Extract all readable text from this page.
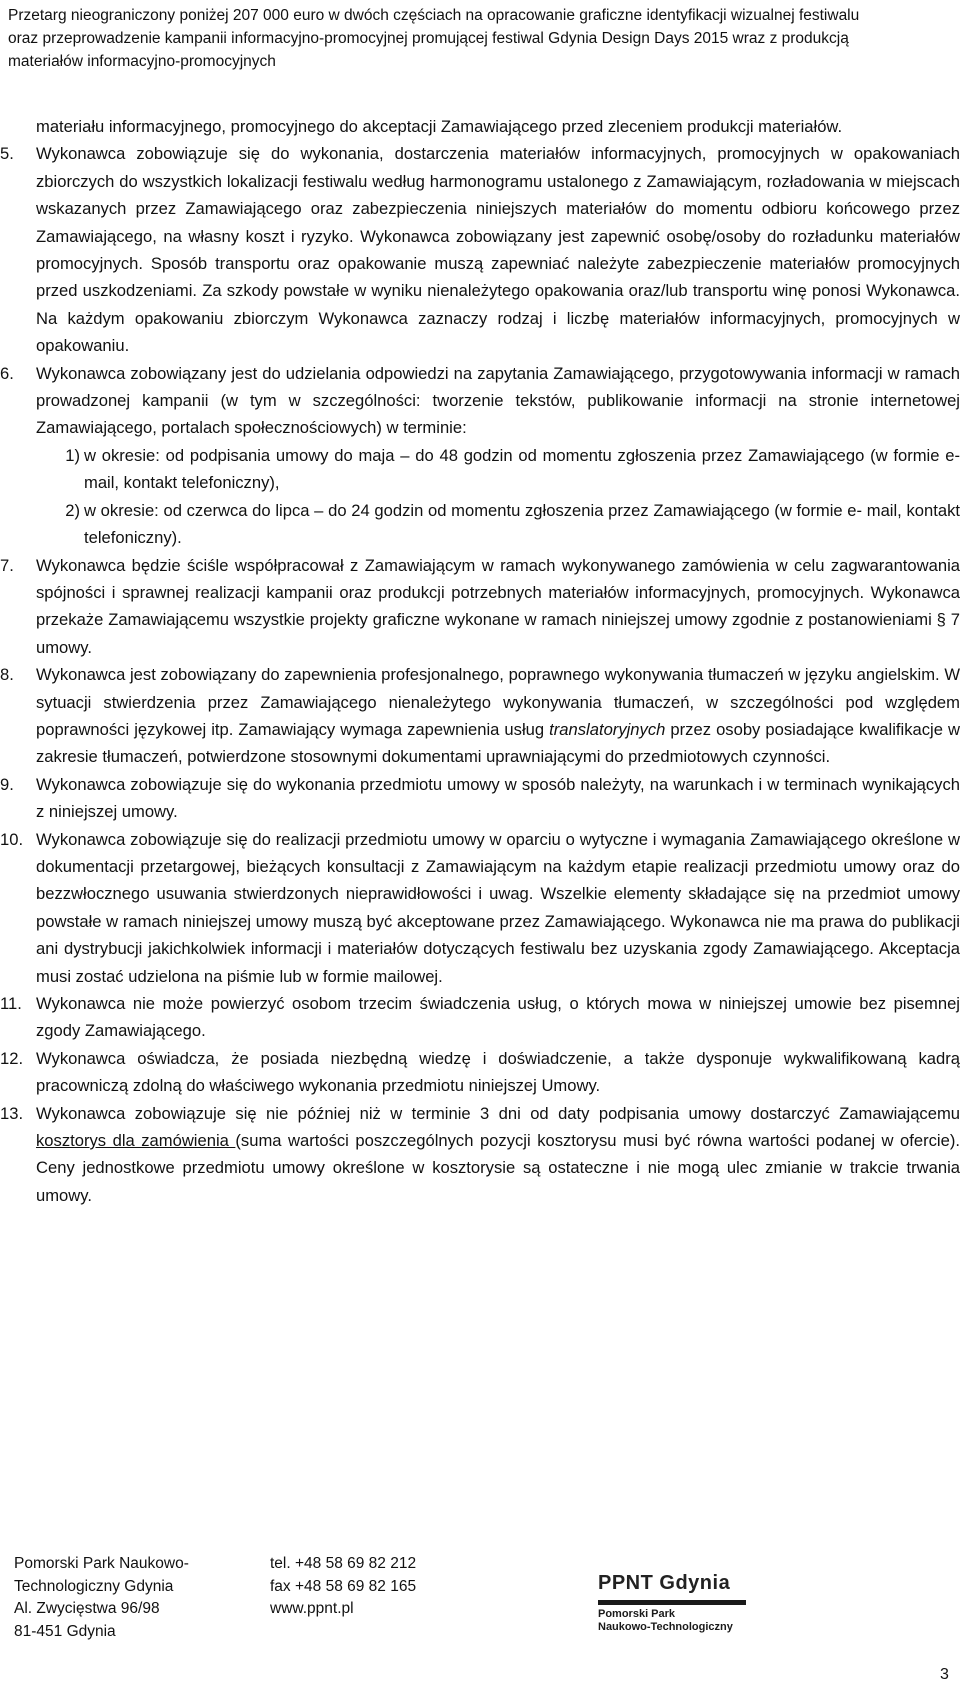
Przetarg nieograniczony poniżej 207 000 euro w dwóch częściach na opracowanie graficzne identyfikacji wizualnej festiwalu
oraz przeprowadzenie kampanii informacyjno-promocyjnej promującej festiwal Gdynia Design Days 2015 wraz z produkcją
materiałów informacyjno-promocyjnych

materiału informacyjnego, promocyjnego do akceptacji Zamawiającego przed zleceniem produkcji materiałów.

5.	Wykonawca zobowiązuje się do wykonania, dostarczenia materiałów informacyjnych, promocyjnych w opakowaniach zbiorczych do wszystkich lokalizacji festiwalu według harmonogramu ustalonego z Zamawiającym, rozładowania w miejscach wskazanych przez Zamawiającego oraz zabezpieczenia niniejszych materiałów do momentu odbioru końcowego przez Zamawiającego, na własny koszt i ryzyko. Wykonawca zobowiązany jest zapewnić osobę/osoby do rozładunku materiałów promocyjnych. Sposób transportu oraz opakowanie muszą zapewniać należyte zabezpieczenie materiałów promocyjnych przed uszkodzeniami. Za szkody powstałe w wyniku nienależytego opakowania oraz/lub transportu winę ponosi Wykonawca. Na każdym opakowaniu zbiorczym Wykonawca zaznaczy rodzaj i liczbę materiałów informacyjnych, promocyjnych w opakowaniu.
6.	Wykonawca zobowiązany jest do udzielania odpowiedzi na zapytania Zamawiającego, przygotowywania informacji w ramach prowadzonej kampanii (w tym w szczególności: tworzenie tekstów, publikowanie informacji na stronie internetowej Zamawiającego, portalach społecznościowych) w terminie:
1) w okresie: od podpisania umowy do maja – do 48 godzin od momentu zgłoszenia przez Zamawiającego (w formie e- mail, kontakt telefoniczny),
2) w okresie: od czerwca do lipca – do 24 godzin od momentu zgłoszenia przez Zamawiającego (w formie e- mail, kontakt telefoniczny).
7.	Wykonawca będzie ściśle współpracował z Zamawiającym w ramach wykonywanego zamówienia w celu zagwarantowania spójności i sprawnej realizacji kampanii oraz produkcji potrzebnych materiałów informacyjnych, promocyjnych. Wykonawca przekaże Zamawiającemu wszystkie projekty graficzne wykonane w ramach niniejszej umowy zgodnie z postanowieniami § 7 umowy.
8.	Wykonawca jest zobowiązany do zapewnienia profesjonalnego, poprawnego wykonywania tłumaczeń w języku angielskim. W sytuacji stwierdzenia przez Zamawiającego nienależytego wykonywania tłumaczeń, w szczególności pod względem poprawności językowej itp. Zamawiający wymaga zapewnienia usług translatoryjnych przez osoby posiadające kwalifikacje w zakresie tłumaczeń, potwierdzone stosownymi dokumentami uprawniającymi do przedmiotowych czynności.
9.	Wykonawca zobowiązuje się do wykonania przedmiotu umowy w sposób należyty, na warunkach i w terminach wynikających z niniejszej umowy.
10. Wykonawca zobowiązuje się do realizacji przedmiotu umowy w oparciu o wytyczne i wymagania Zamawiającego określone w dokumentacji przetargowej, bieżących konsultacji z Zamawiającym na każdym etapie realizacji przedmiotu umowy oraz do bezzwłocznego usuwania stwierdzonych nieprawidłowości i uwag. Wszelkie elementy składające się na przedmiot umowy powstałe w ramach niniejszej umowy muszą być akceptowane przez Zamawiającego. Wykonawca nie ma prawa do publikacji ani dystrybucji jakichkolwiek informacji i materiałów dotyczących festiwalu bez uzyskania zgody Zamawiającego. Akceptacja musi zostać udzielona na piśmie lub w formie mailowej.
11. Wykonawca nie może powierzyć osobom trzecim świadczenia usług, o których mowa w niniejszej umowie bez pisemnej zgody Zamawiającego.
12. Wykonawca oświadcza, że posiada niezbędną wiedzę i doświadczenie, a także dysponuje wykwalifikowaną kadrą pracowniczą zdolną do właściwego wykonania przedmiotu niniejszej Umowy.
13. Wykonawca zobowiązuje się nie później niż w terminie 3 dni od daty podpisania umowy dostarczyć Zamawiającemu kosztorys dla zamówienia (suma wartości poszczególnych pozycji kosztorysu musi być równa wartości podanej w ofercie). Ceny jednostkowe przedmiotu umowy określone w kosztorysie są ostateczne i nie mogą ulec zmianie w trakcie trwania umowy.
Pomorski Park Naukowo-
Technologiczny Gdynia
Al. Zwycięstwa 96/98
81-451 Gdynia
tel. +48 58 69 82 212
fax +48 58 69 82 165
www.ppnt.pl
PPNT Gdynia
Pomorski Park
Naukowo-Technologiczny
3
